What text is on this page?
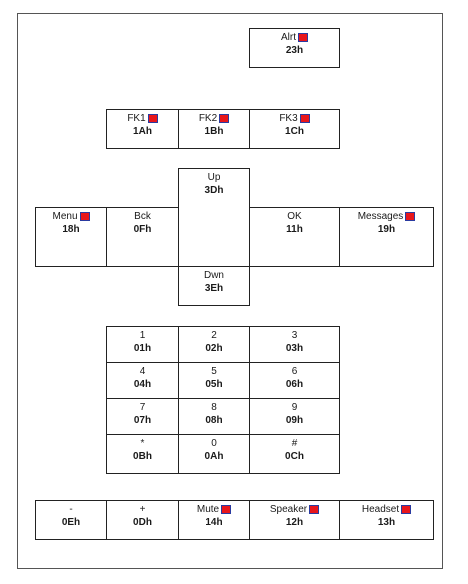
Alrt
23h
FK1
1Ah
FK2
1Bh
FK3
1Ch
Up
3Dh
Menu
18h
Bck
0Fh
OK
11h
Messages
19h
Dwn
3Eh
1
01h
2
02h
3
03h
4
04h
5
05h
6
06h
7
07h
8
08h
9
09h
*
0Bh
0
0Ah
#
0Ch
-
0Eh
+
0Dh
Mute
14h
Speaker
12h
Headset
13h
